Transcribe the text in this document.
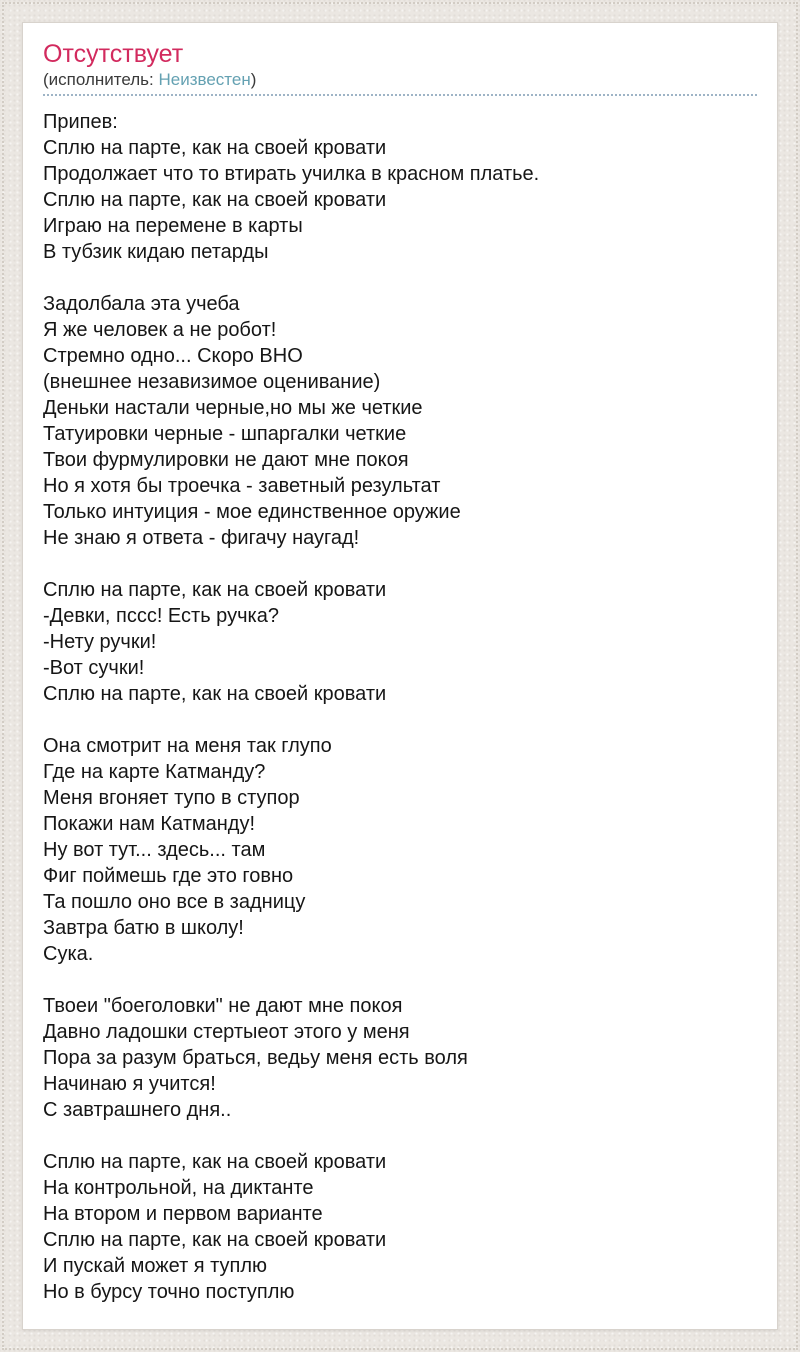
Отсутствует
(исполнитель: Неизвестен)
Припев:
Сплю на парте, как на своей кровати
Продолжает что то втирать училка в красном платье.
Сплю на парте, как на своей кровати
Играю на перемене в карты
В тубзик кидаю петарды
Задолбала эта учеба
Я же человек а не робот!
Стремно одно... Скоро ВНО
(внешнее незавизимое оценивание)
Деньки настали черные,но мы же четкие
Татуировки черные - шпаргалки четкие
Твои фурмулировки не дают мне покоя
Но я хотя бы троечка - заветный результат
Только интуиция - мое единственное оружие
Не знаю я ответа - фигачу наугад!
Сплю на парте, как на своей кровати
-Девки, пссс! Есть ручка?
-Нету ручки!
-Вот сучки!
Сплю на парте, как на своей кровати
Она смотрит на меня так глупо
Где на карте Катманду?
Меня вгоняет тупо в ступор
Покажи нам Катманду!
Ну вот тут... здесь... там
Фиг поймешь где это говно
Та пошло оно все в задницу
Завтра батю в школу!
Сука.
Твоеи "боеголовки" не дают мне покоя
Давно ладошки стертыеот этого у меня
Пора за разум браться, ведьу меня есть воля
Начинаю я учится!
С завтрашнего дня..
Сплю на парте, как на своей кровати
На контрольной, на диктанте
На втором и первом варианте
Сплю на парте, как на своей кровати
И пускай может я туплю
Но в бурсу точно поступлю
